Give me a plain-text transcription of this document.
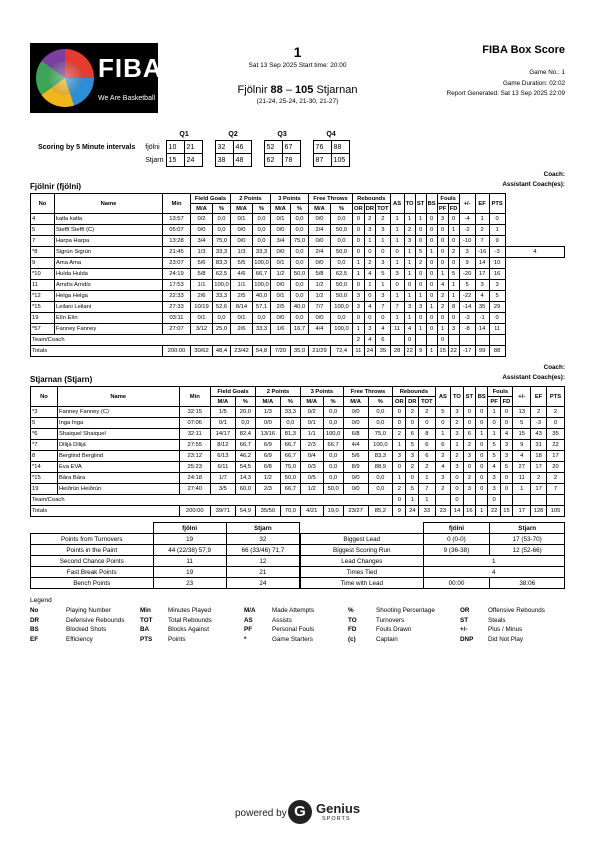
FIBA
We Are Basketball
1
Sat 13 Sep 2025 Start time: 20:00
Fjölnir 88 – 105 Stjarnan
(21-24, 25-24, 21-30, 21-27)
FIBA Box Score
Game No.: 1
Game Duration: 02:02
Report Generated: Sat 13 Sep 2025 22:09
		Q1			Q2			Q3			Q4	
Scoring by 5 Minute intervals	fjölni	10	21		32	46		52	67		76	88
	Stjarn	15	24		38	48		62	78		87	105
Coach:
Assistant Coach(es):
Fjölnir (fjölni)
No	Name	Min	Field Goals		2 Points		3 Points		Free Throws		Rebounds			AS	TO	ST	BS	Fouls		+/-	EF	PTS	
			M/A	%	M/A	%	M/A	%	M/A	%	OR	DR	TOT					PF	FD				
4	katla katla	13:57	0/2	0,0	0/1	0,0	0/1	0,0	0/0	0,0	0	2	2	1	1	1	0	3	0	-4	1	0	
5	Steffí Steffí (C)	05:07	0/0	0,0	0/0	0,0	0/0	0,0	2/4	50,0	0	3	3	1	2	0	0	0	1	-2	2	1	
7	Harpa Harpa	13:28	3/4	75,0	0/0	0,0	3/4	75,0	0/0	0,0	0	1	1	1	3	0	0	0	0	-10	7	9	
*8	Sigrún Sigrún	21:45	1/3	33,3	1/3	33,3	0/0	0,0	2/4	50,0	0	0	0	0	1	5	1	0	2	3	-16	-3	4
9	Ama Ama	23:07	5/6	83,3	5/5	100,0	0/1	0,0	0/0	0,0	1	2	3	1	1	2	0	0	0	9	14	10	
*10	Hulda Hulda	24:19	5/8	62,5	4/6	66,7	1/2	50,0	5/8	62,5	1	4	5	3	1	0	0	1	5	-20	17	16	
11	Arndís Arndís	17:53	1/1	100,0	1/1	100,0	0/0	0,0	1/2	50,0	0	1	1	0	0	0	0	4	1	5	3	3	
*12	Helga Helga	22:33	2/6	33,3	2/5	40,0	0/1	0,0	1/2	50,0	3	0	3	1	1	1	0	2	1	-22	4	5	
*15	Leilani Leilani	27:33	10/19	52,6	8/14	57,1	2/5	40,0	7/7	100,0	3	4	7	7	3	3	1	2	8	-14	35	29	
19	Elín Elín	03:11	0/1	0,0	0/1	0,0	0/0	0,0	0/0	0,0	0	0	0	1	1	0	0	0	0	-3	-1	0	
*57	Fanney Fanney	27:07	3/12	25,0	2/6	33,3	1/6	16,7	4/4	100,0	1	3	4	11	4	1	0	1	3	-8	14	11	
Team/Coach											2	4	6		0			0					
Totals		200:00	30/62	48,4	23/42	54,8	7/20	35,0	21/29	72,4	11	24	35	28	22	9	1	15	22	-17	99	88	
Coach:
Assistant Coach(es):
Stjarnan (Stjarn)
No	Name	Min	Field Goals		2 Points		3 Points		Free Throws		Rebounds			AS	TO	ST	BS	Fouls		+/-	EF	PTS
			M/A	%	M/A	%	M/A	%	M/A	%	OR	DR	TOT					PF	FD			
*3	Fanney Fanney (C)	32:15	1/5	20,0	1/3	33,3	0/2	0,0	0/0	0,0	0	2	2	5	3	0	0	1	0	13	2	2
5	Inga Inga	07:06	0/1	0,0	0/0	0,0	0/1	0,0	0/0	0,0	0	0	0	0	2	0	0	0	0	5	-3	0
*6	Shaiquel Shaiquel	32:11	14/17	82,4	13/16	81,3	1/1	100,0	6/8	75,0	2	6	8	1	3	6	1	1	4	15	43	35
*7	Dilijá Dilijá	27:55	8/12	66,7	6/9	66,7	2/3	66,7	4/4	100,0	1	5	6	6	1	2	0	5	3	9	31	22
8	Berglind Berglind	23:12	6/13	46,2	6/9	66,7	0/4	0,0	5/6	83,3	3	3	6	2	2	3	0	5	3	4	18	17
*14	Eva EVA	25:23	6/11	54,5	6/8	75,0	0/3	0,0	8/9	88,9	0	2	2	4	3	0	0	4	5	27	17	20
*15	Bára Bára	24:18	1/7	14,3	1/2	50,0	0/5	0,0	0/0	0,0	1	0	1	3	0	2	0	3	0	11	2	2
19	Heiðrún Heiðrún	27:40	3/5	60,0	2/3	66,7	1/2	50,0	0/0	0,0	2	5	7	2	0	3	0	3	0	1	17	7
Team/Coach											0	1	1		0			0				
Totals		200:00	39/71	54,9	35/50	70,0	4/21	19,0	23/27	85,2	9	24	33	23	14	16	1	22	15	17	128	105
	fjölni	Stjarn
Points from Turnovers	19	32
Points in the Paint	44 (22/38) 57,9	66 (33/46) 71,7
Second Chance Points	11	12
Fast Break Points	19	21
Bench Points	23	24
	fjölni	Stjarn
Biggest Lead	0 (0-0)	17 (53-70)
Biggest Scoring Run	9 (36-38)	12 (52-66)
Lead Changes	1	
Times Tied	4	
Time with Lead	00:00	38:06
Legend
No	Playing Number	Min	Minutes Played	M/A	Made Attempts	%	Shooting Percentage	OR	Offensive Rebounds
DR	Defensive Rebounds	TOT	Total Rebounds	AS	Assists	TO	Turnovers	ST	Steals
BS	Blocked Shots	BA	Blocks Against	PF	Personal Fouls	FD	Fouls Drawn	+/-	Plus / Minus
EF	Efficiency	PTS	Points	*	Game Starters	(c)	Captain	DNP	Did Not Play
powered by G Genius
SPORTS
